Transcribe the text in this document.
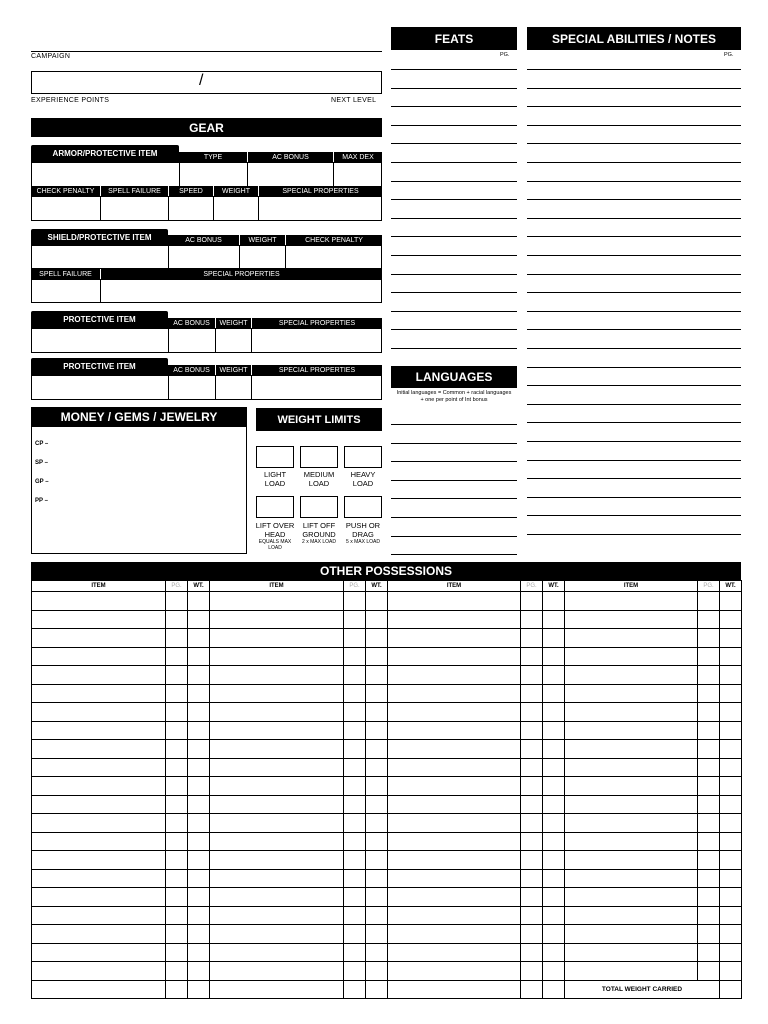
CAMPAIGN
/
EXPERIENCE POINTS	NEXT LEVEL
GEAR
ARMOR/PROTECTIVE ITEM	TYPE	AC BONUS	MAX DEX
CHECK PENALTY	SPELL FAILURE	SPEED	WEIGHT	SPECIAL PROPERTIES
SHIELD/PROTECTIVE ITEM	AC BONUS	WEIGHT	CHECK PENALTY
SPELL FAILURE	SPECIAL PROPERTIES
PROTECTIVE ITEM	AC BONUS	WEIGHT	SPECIAL PROPERTIES
PROTECTIVE ITEM	AC BONUS	WEIGHT	SPECIAL PROPERTIES
MONEY / GEMS / JEWELRY
CP –
SP –
GP –
PP –
WEIGHT LIMITS
LIGHT LOAD
MEDIUM LOAD
HEAVY LOAD
LIFT OVER HEAD
LIFT OFF GROUND
PUSH OR DRAG
EQUALS MAX LOAD
2 x MAX LOAD	5 x MAX LOAD
FEATS
PG.
LANGUAGES
Initial languages = Common + racial languages + one per point of Int bonus
SPECIAL ABILITIES / NOTES
PG.
OTHER POSSESSIONS
ITEM	PG.	WT.	ITEM	PG.	WT.	ITEM	PG.	WT.	ITEM	PG.	WT.

									TOTAL WEIGHT CARRIED		
